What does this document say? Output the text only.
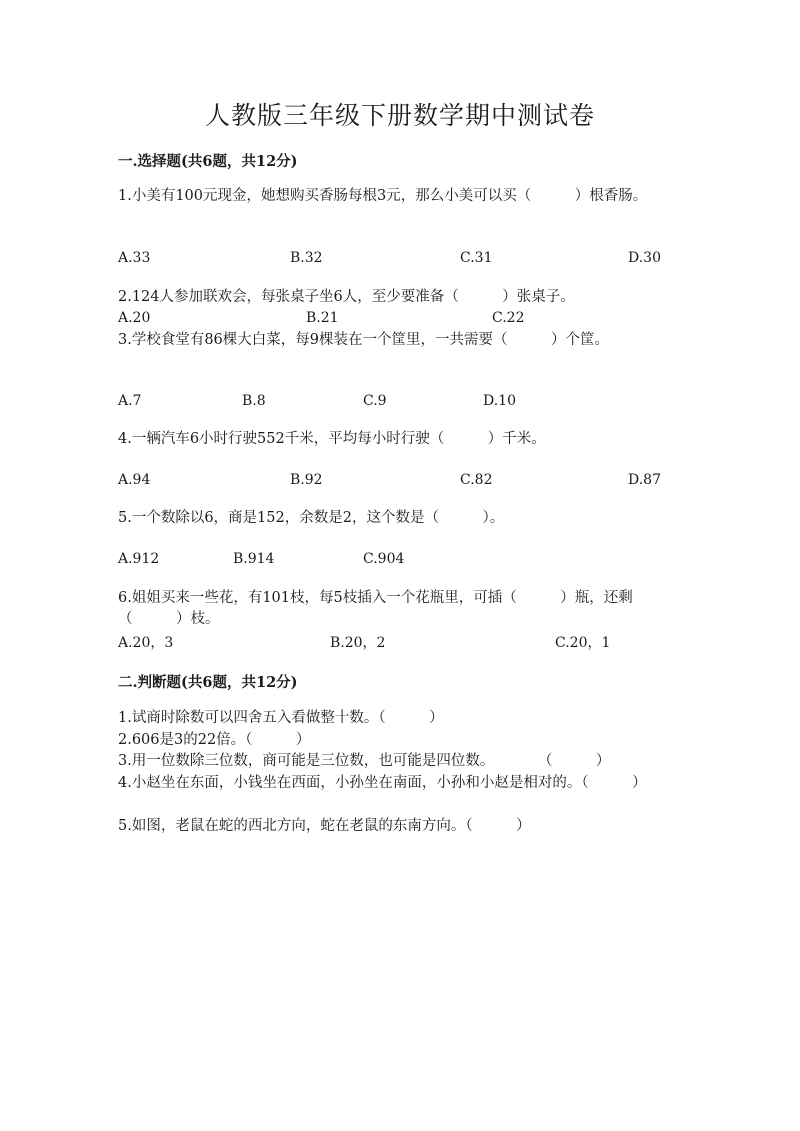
人教版三年级下册数学期中测试卷
一.选择题(共6题，共12分)
1.小美有100元现金，她想购买香肠每根3元，那么小美可以买（　　　）根香肠。
A.33	B.32	C.31	D.30
2.124人参加联欢会，每张桌子坐6人，至少要准备（　　　）张桌子。
A.20	B.21	C.22
3.学校食堂有86棵大白菜，每9棵装在一个筐里，一共需要（　　　）个筐。
A.7	B.8	C.9	D.10
4.一辆汽车6小时行驶552千米，平均每小时行驶（　　　）千米。
A.94	B.92	C.82	D.87
5.一个数除以6，商是152，余数是2，这个数是（　　　）。
A.912	B.914	C.904
6.姐姐买来一些花，有101枝，每5枝插入一个花瓶里，可插（　　　）瓶，还剩（　　　）枝。
A.20，3	B.20，2	C.20，1
二.判断题(共6题，共12分)
1.试商时除数可以四舍五入看做整十数。（　　　）
2.606是3的22倍。（　　　）
3.用一位数除三位数，商可能是三位数，也可能是四位数。　　　　（　　　）
4.小赵坐在东面，小钱坐在西面，小孙坐在南面，小孙和小赵是相对的。（　　　）
5.如图，老鼠在蛇的西北方向，蛇在老鼠的东南方向。（　　　）
